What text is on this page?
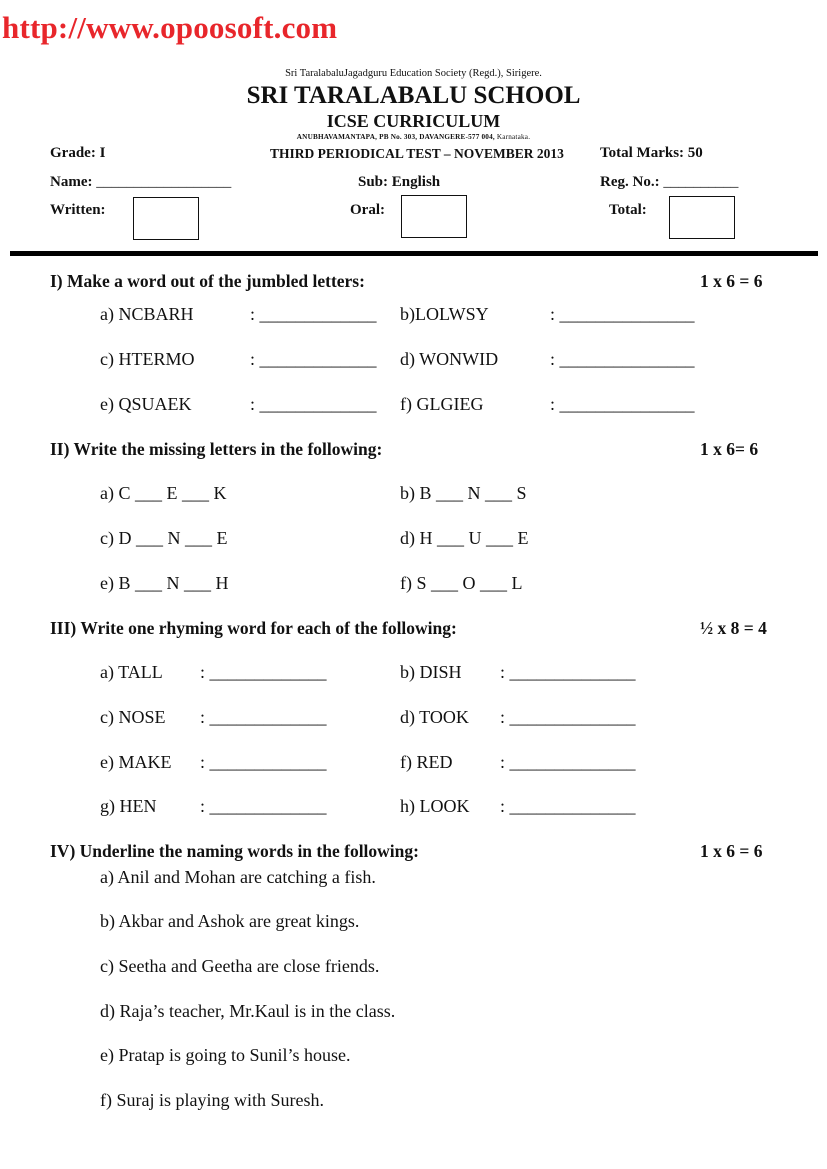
http://www.opoosoft.com
Sri TaralabaluJagadguru Education Society (Regd.), Sirigere.
SRI TARALABALU SCHOOL
ICSE CURRICULUM
ANUBHAVAMANTAPA, PB No. 303, DAVANGERE-577 004, Karnataka.
Grade: I	THIRD PERIODICAL TEST – NOVEMBER 2013 Total Marks: 50
Name: __________________	Sub: English	Reg. No.: __________
Written:	Oral:	Total:
I) Make a word out of the jumbled letters:	1 x 6 = 6
a) NCBARH	: _____________ b)LOLWSY	: _______________
c) HTERMO	: _____________ d) WONWID	: _______________
e) QSUAEK	: _____________ f) GLGIEG	: _______________
II) Write the missing letters in the following:	1 x 6= 6
a) C ___ E ___ K	b) B ___ N ___ S
c) D ___ N ___ E	d) H ___ U ___ E
e) B ___ N ___ H	f) S ___ O ___ L
III) Write one rhyming word for each of the following:	½ x 8 = 4
a) TALL : _____________	b) DISH : ______________
c) NOSE : _____________	d) TOOK : ______________
e) MAKE : _____________	f) RED	: ______________
g) HEN : _____________	h) LOOK : ______________
IV) Underline the naming words in the following:	1 x 6 = 6
a) Anil and Mohan are catching a fish.
b) Akbar and Ashok are great kings.
c) Seetha and Geetha are close friends.
d) Raja’s teacher, Mr.Kaul is in the class.
e) Pratap is going to Sunil’s house.
f) Suraj is playing with Suresh.
